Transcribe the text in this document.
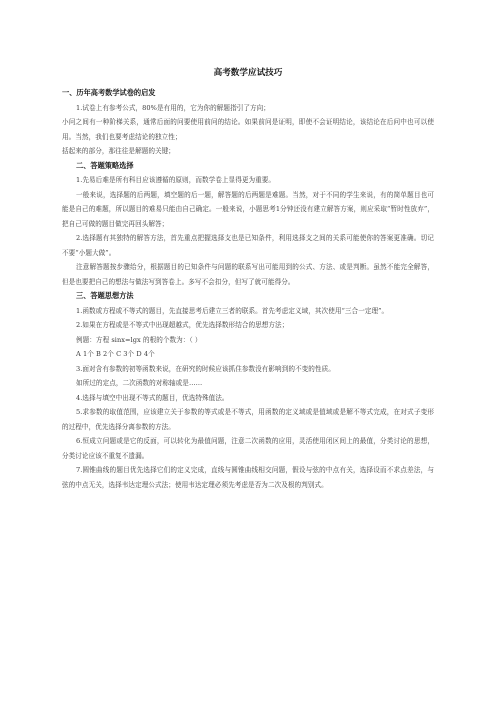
高考数学应试技巧
一、历年高考数学试卷的启发
1.试卷上有参考公式，80%是有用的，它为你的解题指引了方向；
小问之间有一种阶梯关系，通常后面的问要使用前问的结论。如果前问是证明，即使不会证明结论，该结论在后问中也可以使用。当然，我们也要考虑结论的独立性；
括起来的部分，那往往是解题的关键；
二、答题策略选择
1.先易后难是所有科目应该遵循的原则，而数学卷上显得更为重要。
一般来说，选择题的后两题，填空题的后一题，解答题的后两题是难题。当然，对于不同的学生来说，有的简单题目也可能是自己的难题，所以题目的难易只能由自己确定。一般来说，小题思考1分钟还没有建立解答方案，则应采取“暂时性放弃”，把自己可做的题目做完再回头解答；
2.选择题有其独特的解答方法，首先重点把握选择支也是已知条件，利用选择支之间的关系可能使你的答案更准确。切记不要“小题大做”。
注意解答题按步骤给分，根据题目的已知条件与问题的联系写出可能用到的公式、方法、或是判断。虽然不能完全解答，但是也要把自己的想法与做法写到答卷上。多写不会扣分，但写了就可能得分。
三、答题思想方法
1.函数或方程或不等式的题目，先直接思考后建立三者的联系。首先考虑定义域，其次使用“三合一定理”。
2.如果在方程或是不等式中出现超越式，优先选择数形结合的思想方法；
例题：方程 sinx=lgx 的根的个数为：（ ）
A 1个 B 2个 C 3个 D 4个
3.面对含有参数的初等函数来说，在研究的时候应该抓住参数没有影响到的不变的性质。
如所过的定点，二次函数的对称轴或是……
4.选择与填空中出现不等式的题目，优选特殊值法。
5.求参数的取值范围，应该建立关于参数的等式或是不等式，用函数的定义域或是值域或是解不等式完成，在对式子变形的过程中，优先选择分离参数的方法。
6.恒成立问题或是它的反面，可以转化为最值问题，注意二次函数的应用，灵活使用闭区间上的最值，分类讨论的思想，分类讨论应该不重复不遗漏。
7.圆锥曲线的题目优先选择它们的定义完成，直线与圆锥曲线相交问题，假设与弦的中点有关，选择设而不求点差法，与弦的中点无关，选择韦达定理公式法；使用韦达定理必须先考虑是否为二次及根的判别式。
